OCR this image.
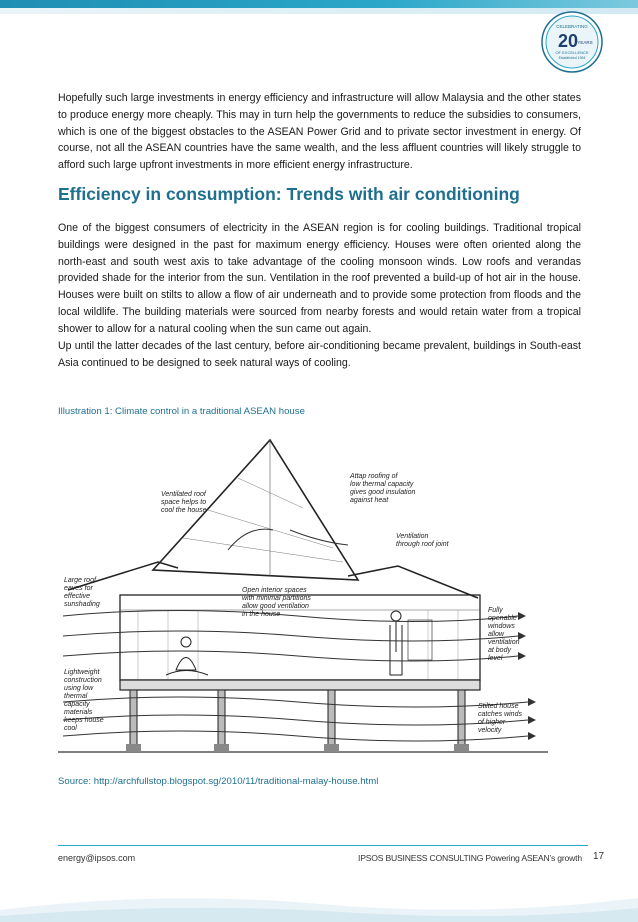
CELEBRATING
20 YEARS
OF EXCELLENCE
Established 1994
Hopefully such large investments in energy efficiency and infrastructure will allow Malaysia and the other states to produce energy more cheaply. This may in turn help the governments to reduce the subsidies to consumers, which is one of the biggest obstacles to the ASEAN Power Grid and to private sector investment in energy. Of course, not all the ASEAN countries have the same wealth, and the less affluent countries will likely struggle to afford such large upfront investments in more efficient energy infrastructure.
Efficiency in consumption: Trends with air conditioning
One of the biggest consumers of electricity in the ASEAN region is for cooling buildings. Traditional tropical buildings were designed in the past for maximum energy efficiency. Houses were often oriented along the north-east and south west axis to take advantage of the cooling monsoon winds. Low roofs and verandas provided shade for the interior from the sun. Ventilation in the roof prevented a build-up of hot air in the house. Houses were built on stilts to allow a flow of air underneath and to provide some protection from floods and the local wildlife. The building materials were sourced from nearby forests and would retain water from a tropical shower to allow for a natural cooling when the sun came out again.
Up until the latter decades of the last century, before air-conditioning became prevalent, buildings in South-east Asia continued to be designed to seek natural ways of cooling.
Illustration 1: Climate control in a traditional ASEAN house
Ventilated roof
space helps to
cool the house
Attap roofing of
low thermal capacity
gives good insulation
against heat
Ventilation
through roof joint
Large roof
eaves for
effective
sunshading
Open interior spaces
with minimal partitions
allow good ventilation
in the house
Fully
openable
windows
allow
ventilation
at body
level
Lightweight
construction
using low
thermal
capacity
materials
keeps house
cool
Stilted house
catches winds
of higher
velocity
Source: http://archfullstop.blogspot.sg/2010/11/traditional-malay-house.html
energy@ipsos.com	IPSOS BUSINESS CONSULTING Powering ASEAN’s growth 17
